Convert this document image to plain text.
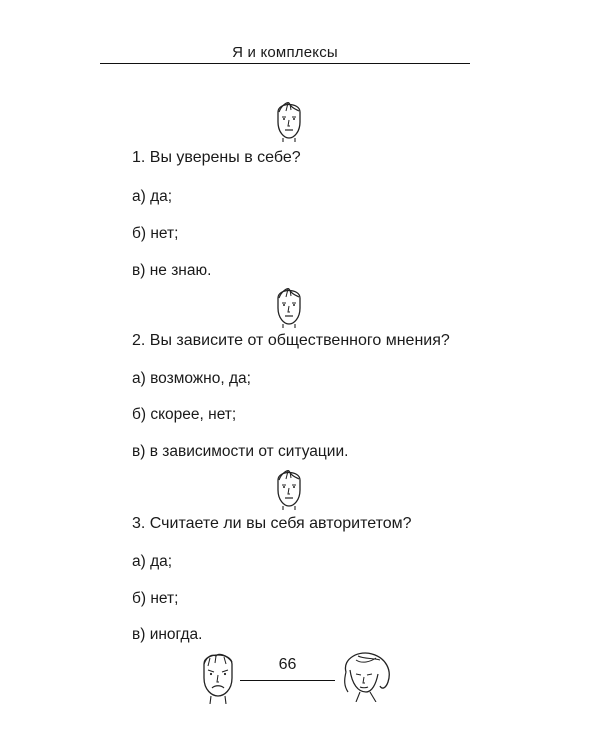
Я и комплексы
1. Вы уверены в себе?
а) да;
б) нет;
в) не знаю.
2. Вы зависите от общественного мнения?
а) возможно, да;
б) скорее, нет;
в) в зависимости от ситуации.
3. Считаете ли вы себя авторитетом?
а) да;
б) нет;
в) иногда.
66
